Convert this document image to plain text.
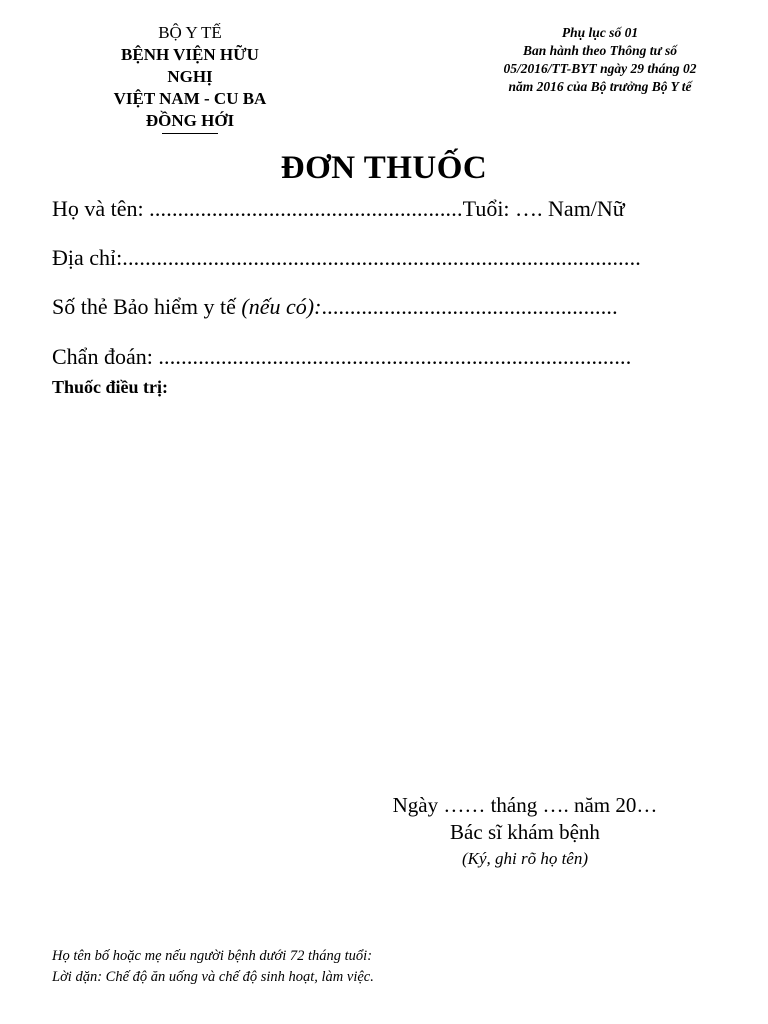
BỘ Y TẾ
BỆNH VIỆN HỮU
NGHỊ
VIỆT NAM - CU BA
ĐỒNG HỚI
Phụ lục số 01
Ban hành theo Thông tư số
05/2016/TT-BYT ngày 29 tháng 02
năm 2016 của Bộ trưởng Bộ Y tế
ĐƠN THUỐC
Họ và tên: .......................................................Tuổi: …. Nam/Nữ
Địa chỉ:...........................................................................................
Số thẻ Bảo hiểm y tế (nếu có):....................................................
Chẩn đoán: ...................................................................................
Thuốc điều trị:
Ngày …… tháng …. năm 20…
Bác sĩ khám bệnh
(Ký, ghi rõ họ tên)
Họ tên bố hoặc mẹ nếu người bệnh dưới 72 tháng tuổi:
Lời dặn: Chế độ ăn uống và chế độ sinh hoạt, làm việc.
